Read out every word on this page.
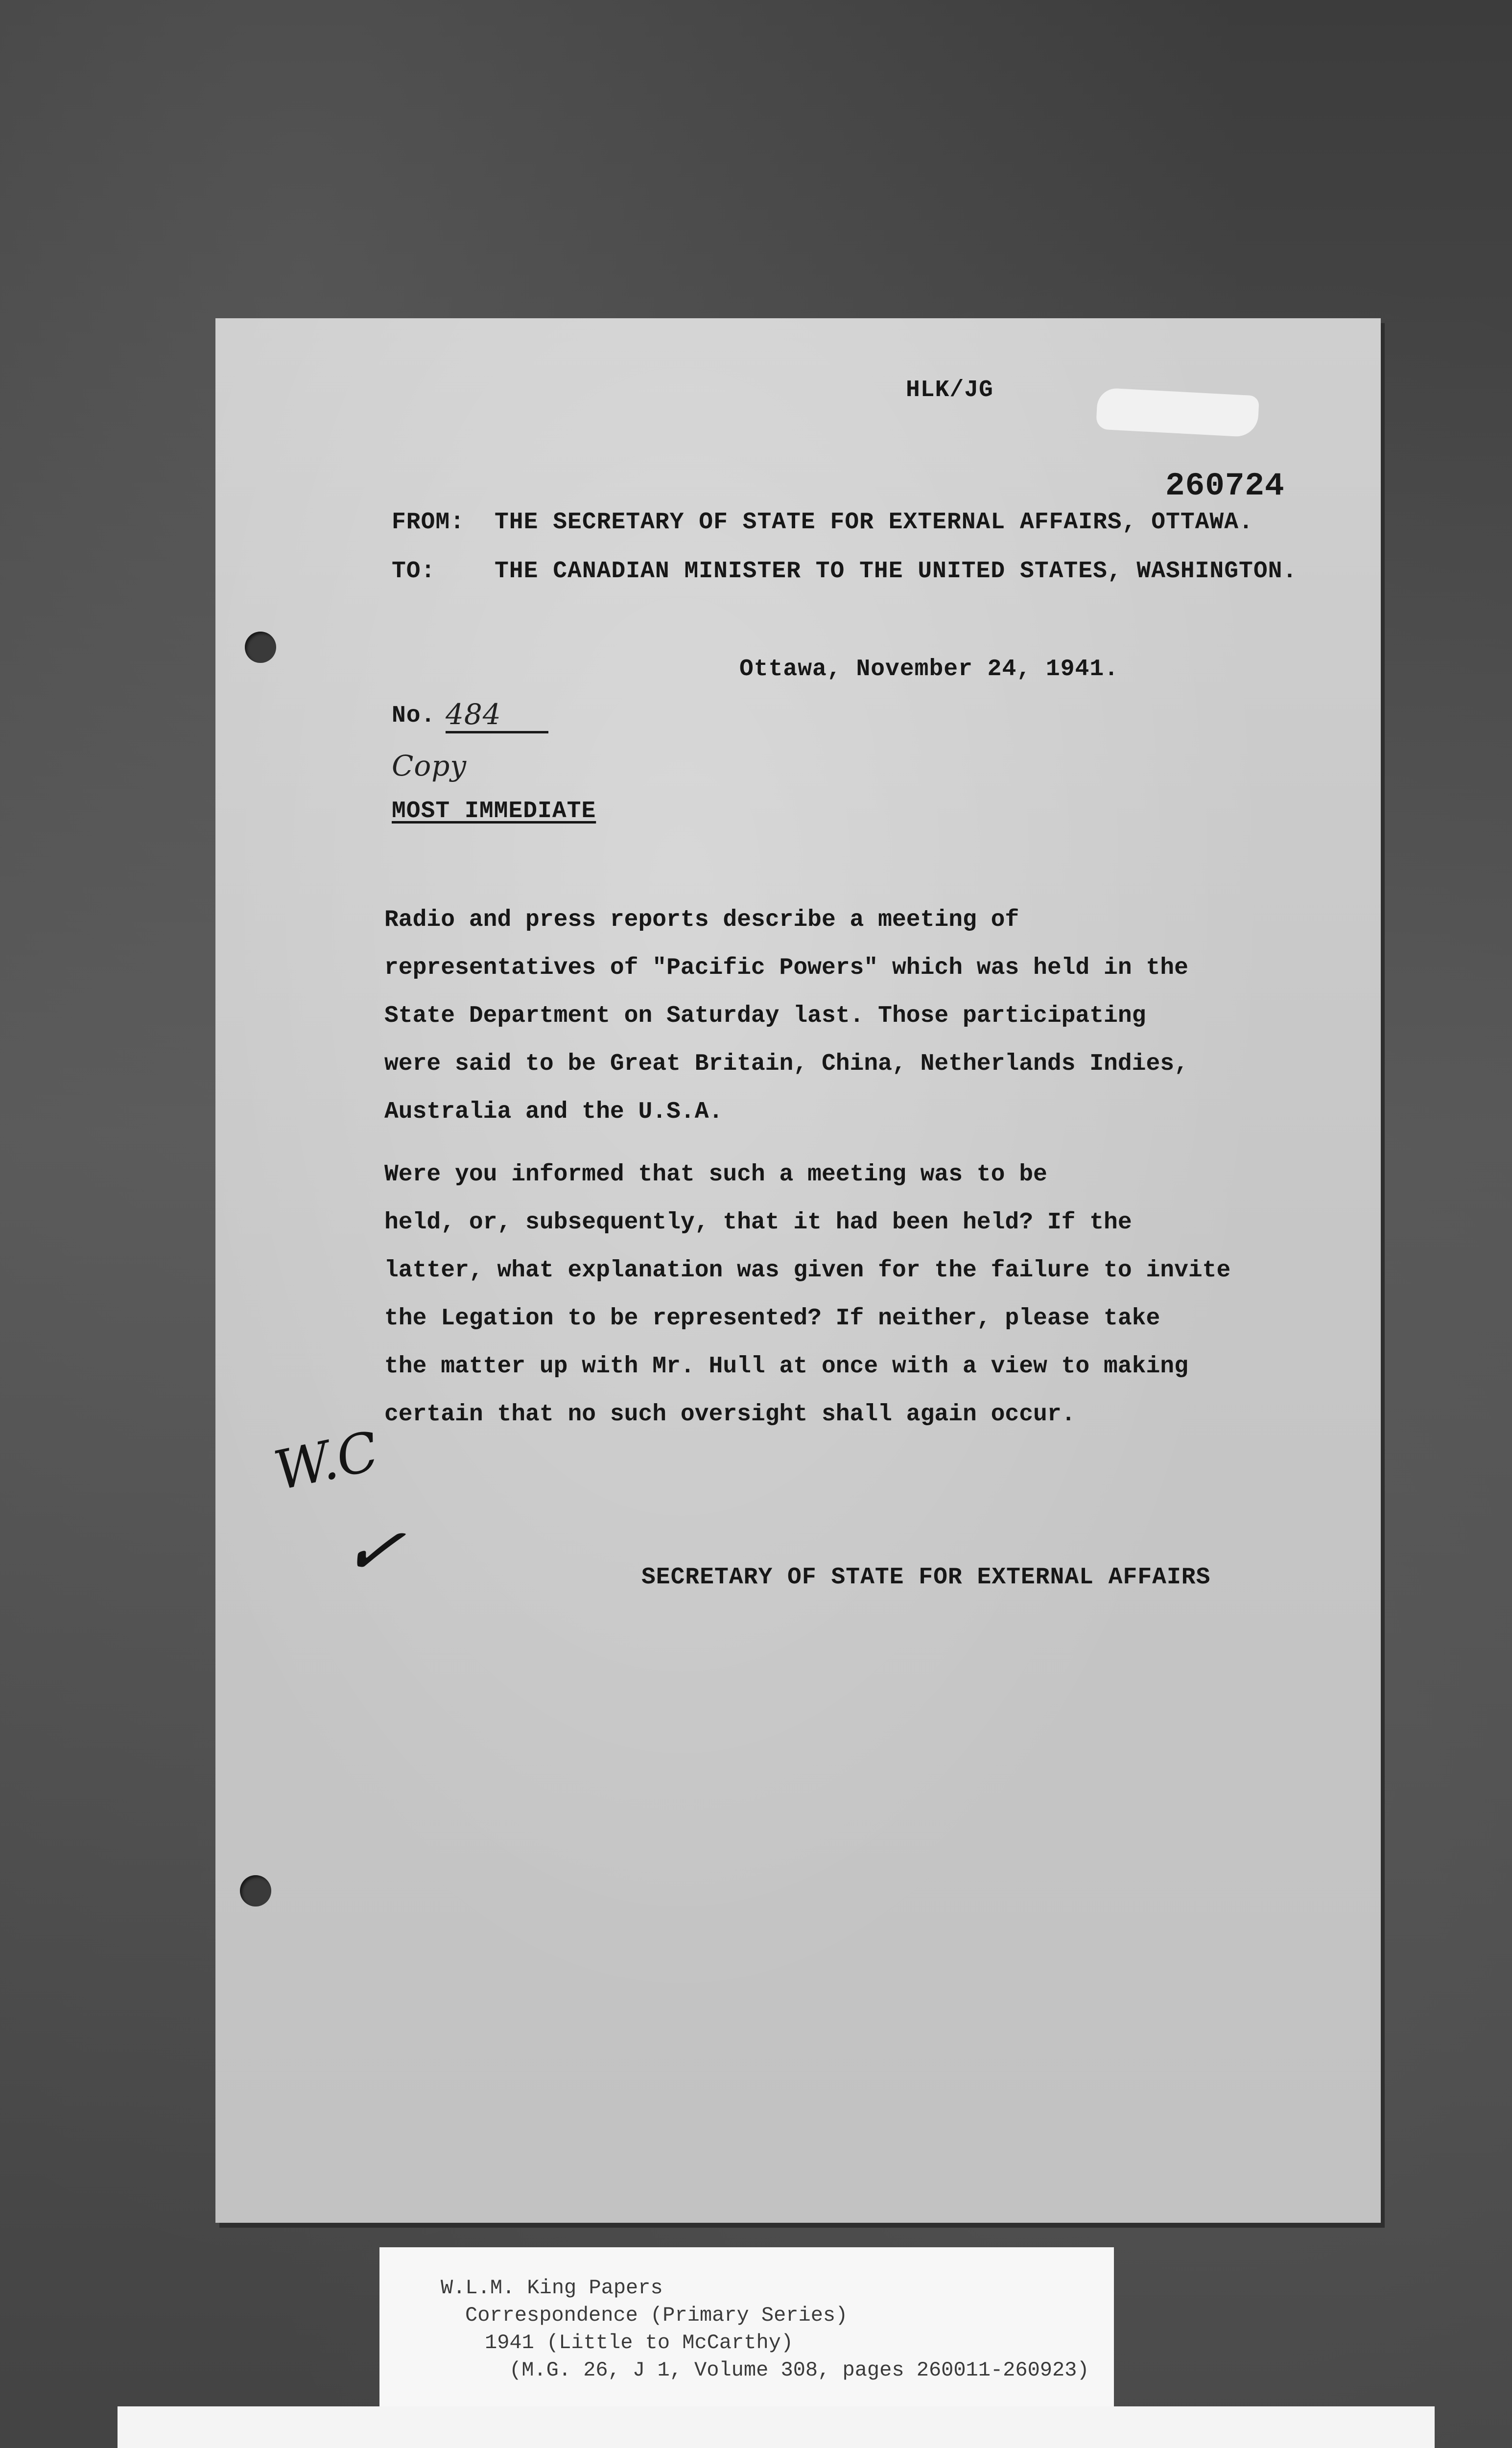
HLK/JG
260724
FROM: THE SECRETARY OF STATE FOR EXTERNAL AFFAIRS, OTTAWA.
TO:	THE CANADIAN MINISTER TO THE UNITED STATES, WASHINGTON.
Ottawa, November 24, 1941.
No. 484
Copy
MOST IMMEDIATE
Radio and press reports describe a meeting of
representatives of "Pacific Powers" which was held in the
State Department on Saturday last. Those participating
were said to be Great Britain, China, Netherlands Indies,
Australia and the U.S.A.
Were you informed that such a meeting was to be
held, or, subsequently, that it had been held? If the
latter, what explanation was given for the failure to invite
the Legation to be represented? If neither, please take
the matter up with Mr. Hull at once with a view to making
certain that no such oversight shall again occur.
SECRETARY OF STATE FOR EXTERNAL AFFAIRS
W.C
✓
W.L.M. King Papers
Correspondence (Primary Series)
1941 (Little to McCarthy)
(M.G. 26, J 1, Volume 308, pages 260011-260923)
